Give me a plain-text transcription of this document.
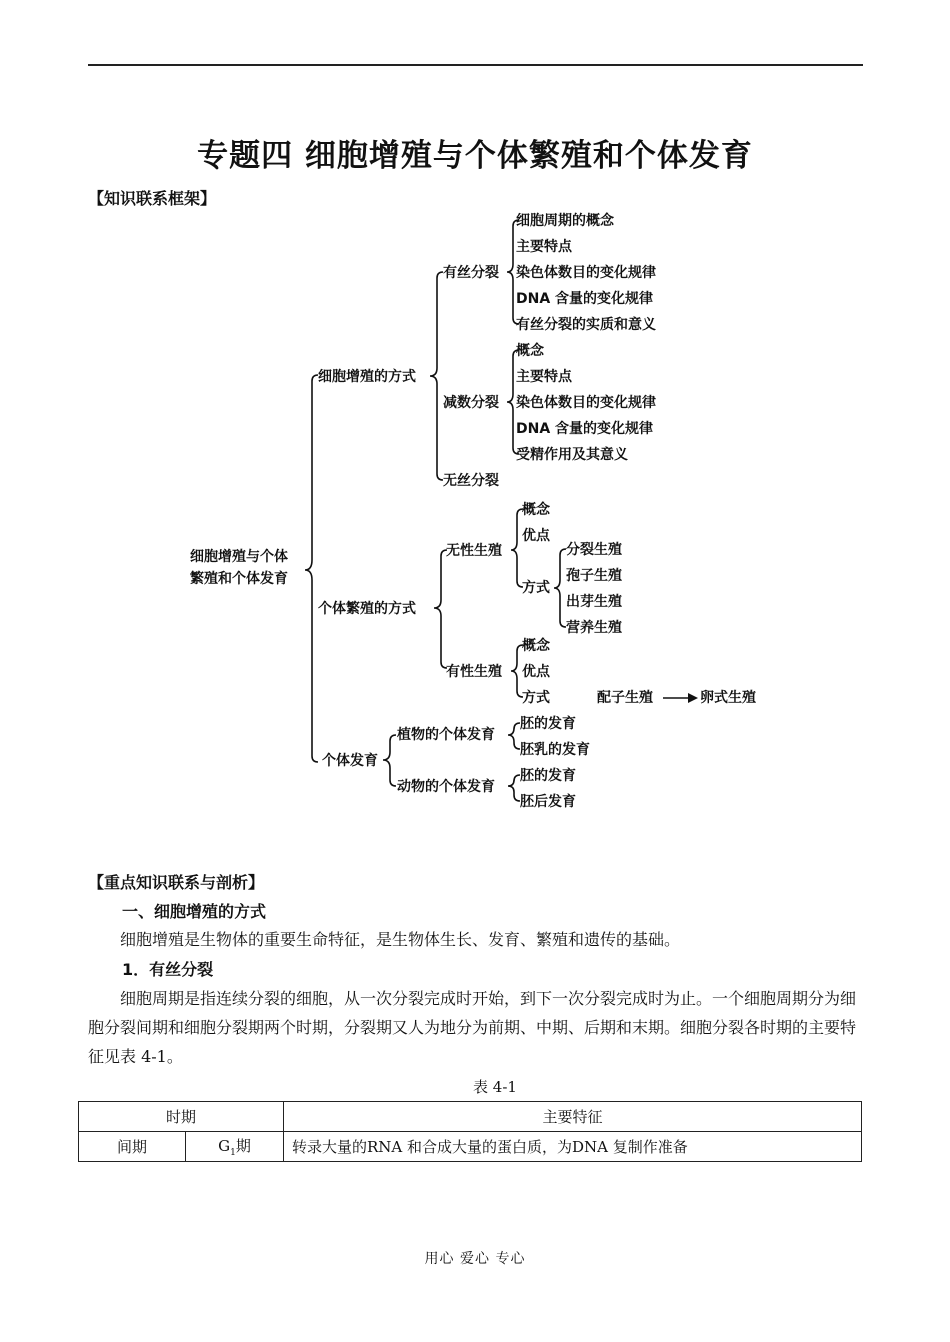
专题四 细胞增殖与个体繁殖和个体发育
【知识联系框架】
细胞增殖与个体
繁殖和个体发育
细胞增殖的方式
有丝分裂
细胞周期的概念
主要特点
染色体数目的变化规律
DNA 含量的变化规律
有丝分裂的实质和意义
减数分裂
概念
主要特点
染色体数目的变化规律
DNA 含量的变化规律
受精作用及其意义
无丝分裂
个体繁殖的方式
无性生殖
概念
优点
方式
分裂生殖
孢子生殖
出芽生殖
营养生殖
有性生殖
概念
优点
方式	配子生殖	卵式生殖
个体发育
植物的个体发育
胚的发育
胚乳的发育
动物的个体发育
胚的发育
胚后发育
【重点知识联系与剖析】
一、细胞增殖的方式
细胞增殖是生物体的重要生命特征，是生物体生长、发育、繁殖和遗传的基础。
1．有丝分裂
细胞周期是指连续分裂的细胞，从一次分裂完成时开始，到下一次分裂完成时为止。一个细胞周期分为细胞分裂间期和细胞分裂期两个时期，分裂期又人为地分为前期、中期、后期和末期。细胞分裂各时期的主要特征见表 4-1。
表 4-1
时期		主要特征
间期	$G_1$期	转录大量的RNA 和合成大量的蛋白质，为DNA 复制作准备
用心 爱心 专心
